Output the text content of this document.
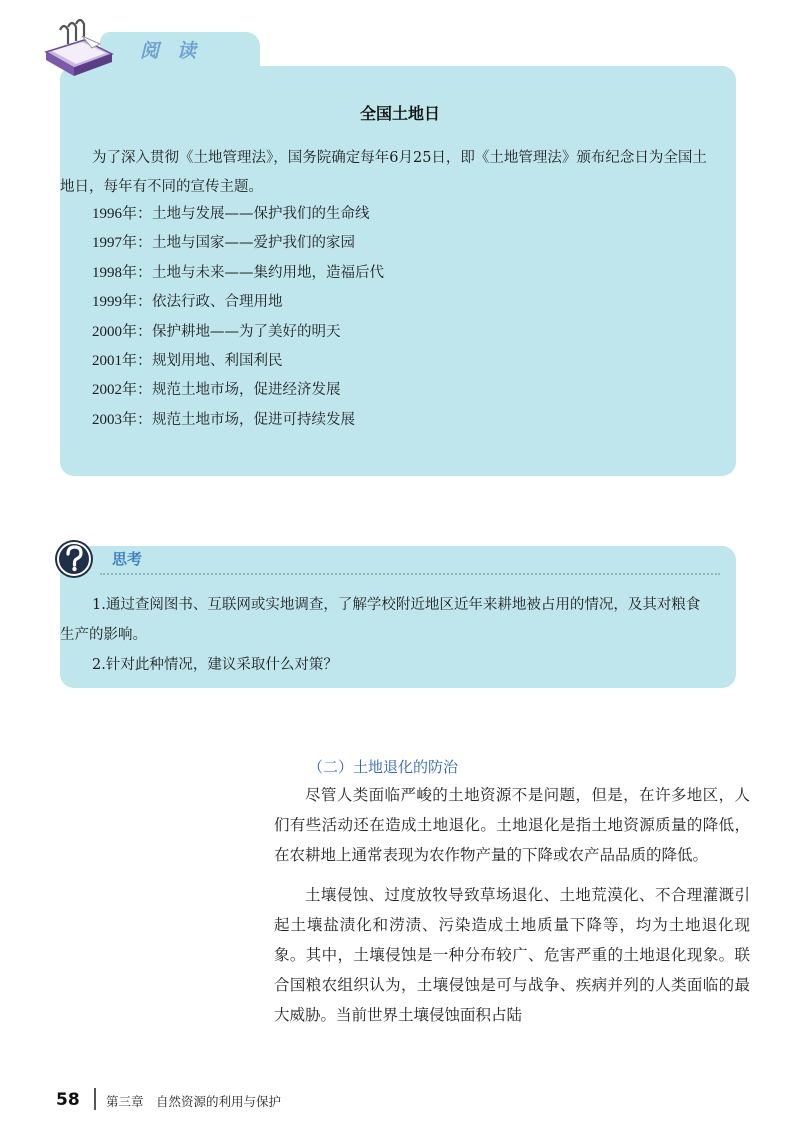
阅读
全国土地日
为了深入贯彻《土地管理法》，国务院确定每年6月25日，即《土地管理法》颁布纪念日为全国土地日，每年有不同的宣传主题。
1996年：土地与发展——保护我们的生命线
1997年：土地与国家——爱护我们的家园
1998年：土地与未来——集约用地，造福后代
1999年：依法行政、合理用地
2000年：保护耕地——为了美好的明天
2001年：规划用地、利国利民
2002年：规范土地市场，促进经济发展
2003年：规范土地市场，促进可持续发展
思考
1.通过查阅图书、互联网或实地调查，了解学校附近地区近年来耕地被占用的情况，及其对粮食生产的影响。
2.针对此种情况，建议采取什么对策？
（二）土地退化的防治

尽管人类面临严峻的土地资源不是问题，但是，在许多地区，人们有些活动还在造成土地退化。土地退化是指土地资源质量的降低，在农耕地上通常表现为农作物产量的下降或农产品品质的降低。

土壤侵蚀、过度放牧导致草场退化、土地荒漠化、不合理灌溉引起土壤盐渍化和涝渍、污染造成土地质量下降等，均为土地退化现象。其中，土壤侵蚀是一种分布较广、危害严重的土地退化现象。联合国粮农组织认为，土壤侵蚀是可与战争、疾病并列的人类面临的最大威胁。当前世界土壤侵蚀面积占陆

58 第三章　自然资源的利用与保护
